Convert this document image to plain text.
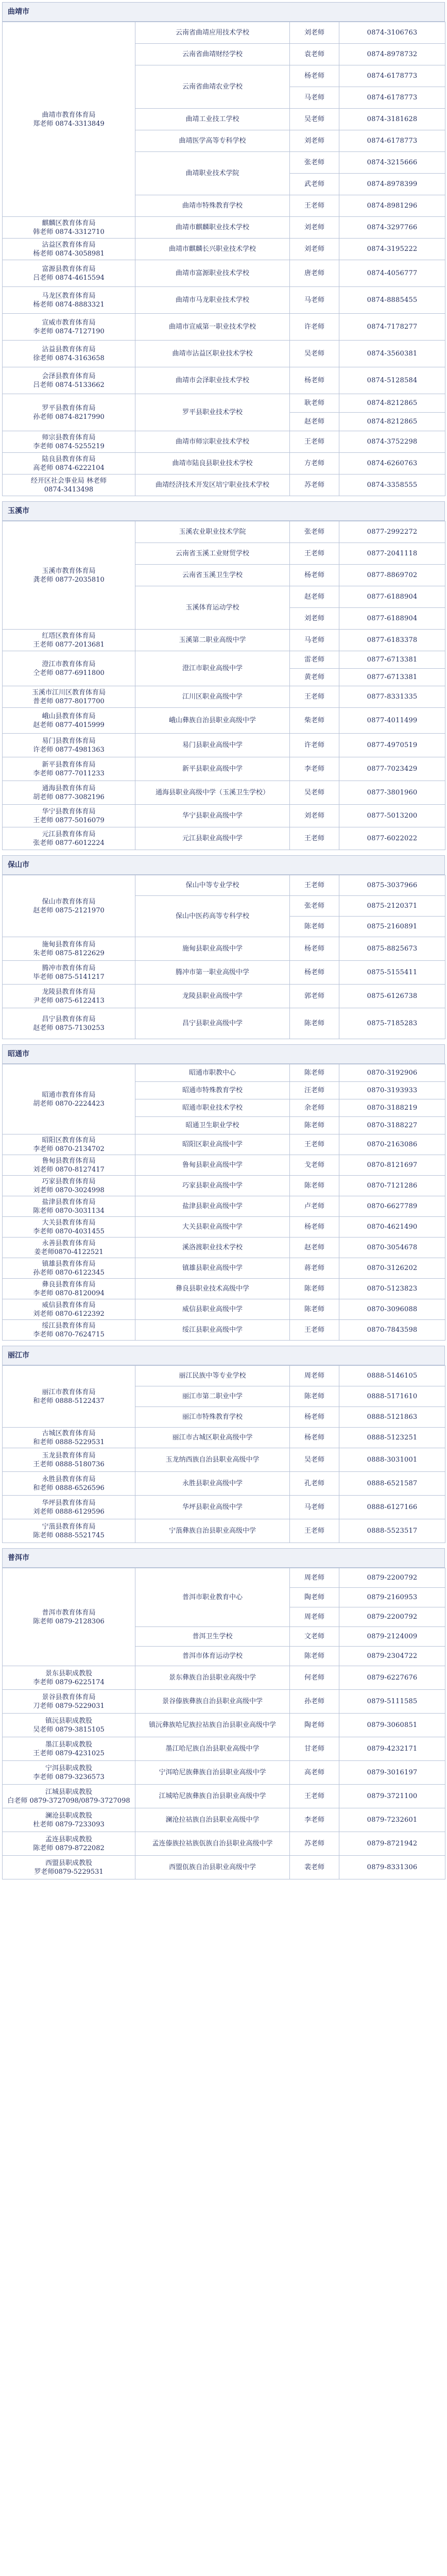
曲靖市
曲靖市教育体育局
郑老师 0874-3313849	云南省曲靖应用技术学校	刘老师	0874-3106763
	云南省曲靖财经学校	袁老师	0874-8978732
	云南省曲靖农业学校	杨老师	0874-6178773
		马老师	0874-6178773
	曲靖工业技工学校	吴老师	0874-3181628
	曲靖医学高等专科学校	刘老师	0874-6178773
	曲靖职业技术学院	张老师	0874-3215666
		武老师	0874-8978399
	曲靖市特殊教育学校	王老师	0874-8981296

麒麟区教育体育局
韩老师 0874-3312710	曲靖市麒麟职业技术学校	刘老师	0874-3297766

沾益区教育体育局
杨老师 0874-3058981	曲靖市麒麟长兴职业技术学校	刘老师	0874-3195222

富源县教育体育局
吕老师 0874-4615594	曲靖市富源职业技术学校	唐老师	0874-4056777

马龙区教育体育局
杨老师 0874-8883321	曲靖市马龙职业技术学校	马老师	0874-8885455

宣威市教育体育局
李老师 0874-7127190	曲靖市宣威第一职业技术学校	许老师	0874-7178277

沾益县教育体育局
徐老师 0874-3163658	曲靖市沾益区职业技术学校	吴老师	0874-3560381

会泽县教育体育局
吕老师 0874-5133662	曲靖市会泽职业技术学校	杨老师	0874-5128584

罗平县教育体育局
孙老师 0874-8217990	罗平县职业技术学校	耿老师	0874-8212865
		赵老师	0874-8212865

师宗县教育体育局
李老师 0874-5255219	曲靖市师宗职业技术学校	王老师	0874-3752298

陆良县教育体育局
高老师 0874-6222104	曲靖市陆良县职业技术学校	方老师	0874-6260763

经开区社会事业局 林老师
0874-3413498	曲靖经济技术开发区培宁职业技术学校	苏老师	0874-3358555
玉溪市
玉溪市教育体育局
龚老师 0877-2035810	玉溪农业职业技术学院	张老师	0877-2992272
	云南省玉溪工业财贸学校	王老师	0877-2041118
	云南省玉溪卫生学校	杨老师	0877-8869702
	玉溪体育运动学校	赵老师	0877-6188904
		刘老师	0877-6188904

红塔区教育体育局
王老师 0877-2013681	玉溪第二职业高级中学	马老师	0877-6183378

澄江市教育体育局
仝老师 0877-6911800	澄江市职业高级中学	雷老师	0877-6713381
		黄老师	0877-6713381

玉溪市江川区教育体育局
普老师 0877-8017700	江川区职业高级中学	王老师	0877-8331335

峨山县教育体育局
赵老师 0877-4015999	峨山彝族自治县职业高级中学	柴老师	0877-4011499

易门县教育体育局
许老师 0877-4981363	易门县职业高级中学	许老师	0877-4970519

新平县教育体育局
李老师 0877-7011233	新平县职业高级中学	李老师	0877-7023429

通海县教育体育局
胡老师 0877-3082196	通海县职业高级中学（玉溪卫生学校）	吴老师	0877-3801960

华宁县教育体育局
王老师 0877-5016079	华宁县职业高级中学	刘老师	0877-5013200

元江县教育体育局
张老师 0877-6012224	元江县职业高级中学	王老师	0877-6022022
保山市
保山市教育体育局
赵老师 0875-2121970	保山中等专业学校	王老师	0875-3037966
	保山中医药高等专科学校	张老师	0875-2120371
		陈老师	0875-2160891

施甸县教育体育局
朱老师 0875-8122629	施甸县职业高级中学	杨老师	0875-8825673

腾冲市教育体育局
毕老师 0875-5141217	腾冲市第一职业高级中学	杨老师	0875-5155411

龙陵县教育体育局
尹老师 0875-6122413	龙陵县职业高级中学	郭老师	0875-6126738

昌宁县教育体育局
赵老师 0875-7130253	昌宁县职业高级中学	陈老师	0875-7185283
昭通市
昭通市教育体育局
胡老师 0870-2224423	昭通市职教中心	陈老师	0870-3192906
	昭通市特殊教育学校	汪老师	0870-3193933
	昭通市职业技术学校	余老师	0870-3188219
	昭通卫生职业学校	陈老师	0870-3188227

昭阳区教育体育局
李老师 0870-2134702	昭阳区职业高级中学	王老师	0870-2163086

鲁甸县教育体育局
刘老师 0870-8127417	鲁甸县职业高级中学	戈老师	0870-8121697

巧家县教育体育局
刘老师 0870-3024998	巧家县职业高级中学	陈老师	0870-7121286

盐津县教育体育局
陈老师 0870-3031134	盐津县职业高级中学	卢老师	0870-6627789

大关县教育体育局
李老师 0870-4031455	大关县职业高级中学	杨老师	0870-4621490

永善县教育体育局
姜老师0870-4122521	溪洛渡职业技术学校	赵老师	0870-3054678

镇雄县教育体育局
孙老师 0870-6122345	镇雄县职业高级中学	蒋老师	0870-3126202

彝良县教育体育局
李老师 0870-8120094	彝良县职业技术高级中学	陈老师	0870-5123823

威信县教育体育局
刘老师 0870-6122392	威信县职业高级中学	陈老师	0870-3096088

绥江县教育体育局
李老师 0870-7624715	绥江县职业高级中学	王老师	0870-7843598
丽江市
丽江市教育体育局
和老师 0888-5122437	丽江民族中等专业学校	周老师	0888-5146105
	丽江市第二职业中学	陈老师	0888-5171610
	丽江市特殊教育学校	杨老师	0888-5121863

古城区教育体育局
和老师 0888-5229531	丽江市古城区职业高级中学	杨老师	0888-5123251

玉龙县教育体育局
王老师 0888-5180736	玉龙纳西族自治县职业高级中学	吴老师	0888-3031001

永胜县教育体育局
和老师 0888-6526596	永胜县职业高级中学	孔老师	0888-6521587

华坪县教育体育局
刘老师 0888-6129596	华坪县职业高级中学	马老师	0888-6127166

宁蒗县教育体育局
陈老师 0888-5521745	宁蒗彝族自治县职业高级中学	王老师	0888-5523517
普洱市
普洱市教育体育局
陈老师 0879-2128306	普洱市职业教育中心	周老师	0879-2200792
		陶老师	0879-2160953
		周老师	0879-2200792
	普洱卫生学校	文老师	0879-2124009
	普洱市体育运动学校	陈老师	0879-2304722

景东县职成教股
李老师 0879-6225174	景东彝族自治县职业高级中学	何老师	0879-6227676

景谷县教育体育局
刀老师 0879-5229031	景谷傣族彝族自治县职业高级中学	孙老师	0879-5111585

镇沅县职成教股
吴老师 0879-3815105	镇沅彝族哈尼族拉祜族自治县职业高级中学	陶老师	0879-3060851

墨江县职成教股
王老师 0879-4231025	墨江哈尼族自治县职业高级中学	甘老师	0879-4232171

宁洱县职成教股
李老师 0879-3236573	宁洱哈尼族彝族自治县职业高级中学	高老师	0879-3016197

江城县职成教股
白老师 0879-3727098/0879-3727098	江城哈尼族彝族自治县职业高级中学	王老师	0879-3721100

澜沧县职成教股
杜老师 0879-7233093	澜沧拉祜族自治县职业高级中学	李老师	0879-7232601

孟连县职成教股
陈老师 0879-8722082	孟连傣族拉祜族佤族自治县职业高级中学	苏老师	0879-8721942

西盟县职成教股
罗老师0879-5229531	西盟佤族自治县职业高级中学	裴老师	0879-8331306
